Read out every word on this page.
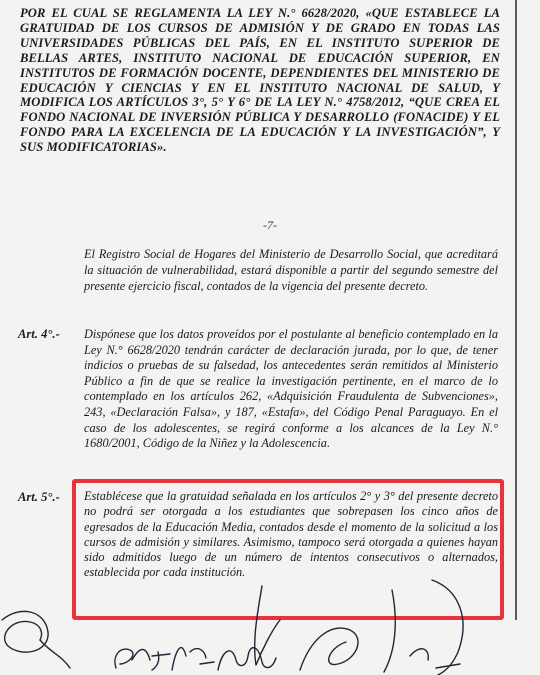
POR EL CUAL SE REGLAMENTA LA LEY N.° 6628/2020, «QUE ESTABLECE LA GRATUIDAD DE LOS CURSOS DE ADMISIÓN Y DE GRADO EN TODAS LAS UNIVERSIDADES PÚBLICAS DEL PAÍS, EN EL INSTITUTO SUPERIOR DE BELLAS ARTES, INSTITUTO NACIONAL DE EDUCACIÓN SUPERIOR, EN INSTITUTOS DE FORMACIÓN DOCENTE, DEPENDIENTES DEL MINISTERIO DE EDUCACIÓN Y CIENCIAS Y EN EL INSTITUTO NACIONAL DE SALUD, Y MODIFICA LOS ARTÍCULOS 3°, 5° Y 6° DE LA LEY N.° 4758/2012, “QUE CREA EL FONDO NACIONAL DE INVERSIÓN PÚBLICA Y DESARROLLO (FONACIDE) Y EL FONDO PARA LA EXCELENCIA DE LA EDUCACIÓN Y LA INVESTIGACIÓN”, Y SUS MODIFICATORIAS».
-7-
El Registro Social de Hogares del Ministerio de Desarrollo Social, que acreditará la situación de vulnerabilidad, estará disponible a partir del segundo semestre del presente ejercicio fiscal, contados de la vigencia del presente decreto.
Art. 4°.- Dispónese que los datos proveídos por el postulante al beneficio contemplado en la Ley N.° 6628/2020 tendrán carácter de declaración jurada, por lo que, de tener indicios o pruebas de su falsedad, los antecedentes serán remitidos al Ministerio Público a fin de que se realice la investigación pertinente, en el marco de lo contemplado en los artículos 262, «Adquisición Fraudulenta de Subvenciones», 243, «Declaración Falsa», y 187, «Estafa», del Código Penal Paraguayo. En el caso de los adolescentes, se regirá conforme a los alcances de la Ley N.° 1680/2001, Código de la Niñez y la Adolescencia.
Art. 5°.- Establécese que la gratuidad señalada en los artículos 2° y 3° del presente decreto no podrá ser otorgada a los estudiantes que sobrepasen los cinco años de egresados de la Educación Media, contados desde el momento de la solicitud a los cursos de admisión y similares. Asimismo, tampoco será otorgada a quienes hayan sido admitidos luego de un número de intentos consecutivos o alternados, establecida por cada institución.
